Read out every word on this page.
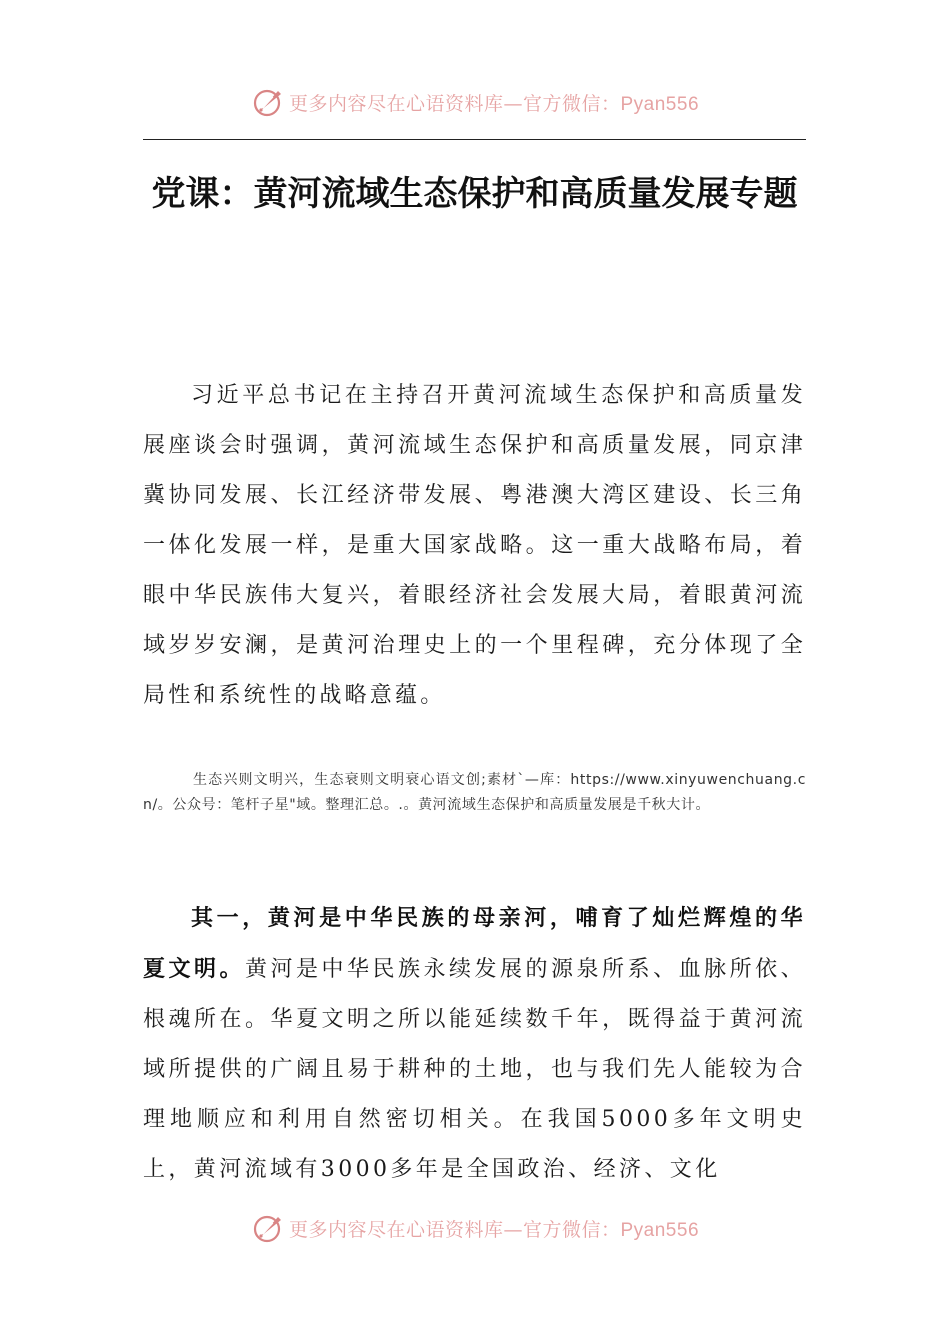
更多内容尽在心语资料库—官方微信：Pyan556
党课：黄河流域生态保护和高质量发展专题

习近平总书记在主持召开黄河流域生态保护和高质量发展座谈会时强调，黄河流域生态保护和高质量发展，同京津冀协同发展、长江经济带发展、粤港澳大湾区建设、长三角一体化发展一样，是重大国家战略。这一重大战略布局，着眼中华民族伟大复兴，着眼经济社会发展大局，着眼黄河流域岁岁安澜，是黄河治理史上的一个里程碑，充分体现了全局性和系统性的战略意蕴。

生态兴则文明兴，生态衰则文明衰心语文创;素材`—库：https://www.xinyuwenchuang.cn/。公众号：笔杆子星"域。整理汇总。.。黄河流域生态保护和高质量发展是千秋大计。

其一，黄河是中华民族的母亲河，哺育了灿烂辉煌的华夏文明。黄河是中华民族永续发展的源泉所系、血脉所依、根魂所在。华夏文明之所以能延续数千年，既得益于黄河流域所提供的广阔且易于耕种的土地，也与我们先人能较为合理地顺应和利用自然密切相关。在我国5000多年文明史上，黄河流域有3000多年是全国政治、经济、文化

更多内容尽在心语资料库—官方微信：Pyan556
